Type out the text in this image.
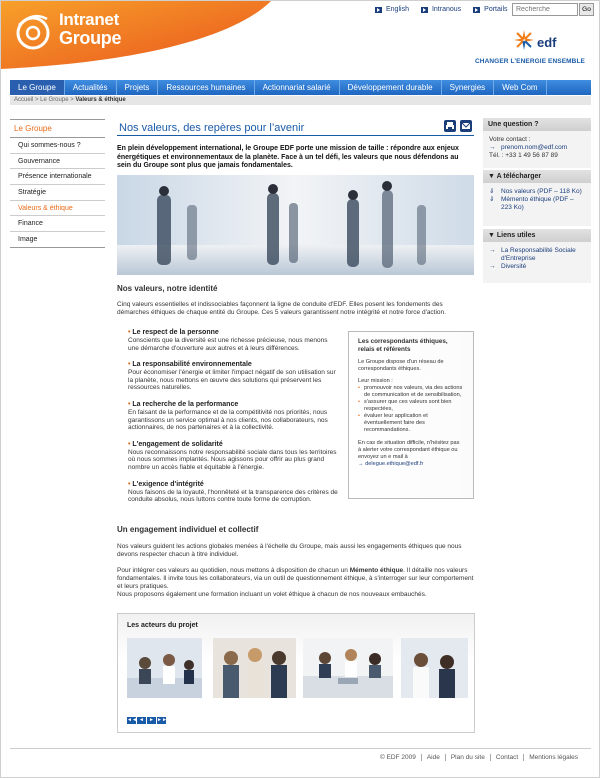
Intranet
Groupe
English	Intranous	Portails
Recherche	Go
edf
CHANGER L'ENERGIE ENSEMBLE
Le Groupe	Actualités	Projets	Ressources humaines	Actionnariat salarié	Développement durable	Synergies	Web Com
Accueil > Le Groupe > Valeurs & éthique
Le Groupe
Qui sommes-nous ?
Gouvernance
Présence internationale
Stratégie
Valeurs & éthique
Finance
Image
Nos valeurs, des repères pour l’avenir
En plein développement international, le Groupe EDF porte une mission de taille : répondre aux enjeux énergétiques et environnementaux de la planète. Face à un tel défi, les valeurs que nous défendons au sein du Groupe sont plus que jamais fondamentales.
Nos valeurs, notre identité
Cinq valeurs essentielles et indissociables façonnent la ligne de conduite d'EDF. Elles posent les fondements des démarches éthiques de chaque entité du Groupe. Ces 5 valeurs garantissent notre intégrité et notre force d'action.
• Le respect de la personne
Conscients que la diversité est une richesse précieuse, nous menons une démarche d'ouverture aux autres et à leurs différences.
• La responsabilité environnementale
Pour économiser l'énergie et limiter l'impact négatif de son utilisation sur la planète, nous mettons en œuvre des solutions qui préservent les ressources naturelles.
• La recherche de la performance
En faisant de la performance et de la compétitivité nos priorités, nous garantissons un service optimal à nos clients, nos collaborateurs, nos actionnaires, de nos partenaires et à la collectivité.
• L'engagement de solidarité
Nous reconnaissons notre responsabilité sociale dans tous les territoires où nous sommes implantés. Nous agissons pour offrir au plus grand nombre un accès fiable et équitable à l'énergie.
• L'exigence d'intégrité
Nous faisons de la loyauté, l'honnêteté et la transparence des critères de conduite absolus, nous luttons contre toute forme de corruption.
Les correspondants éthiques, relais et référents

Le Groupe dispose d'un réseau de correspondants éthiques.

Leur mission :
• promouvoir nos valeurs, via des actions de communication et de sensibilisation,
• s'assurer que ces valeurs sont bien respectées,
• évaluer leur application et éventuellement faire des recommandations.

En cas de situation difficile, n'hésitez pas à alerter votre correspondant éthique ou envoyez un e mail à

→ delegue.ethique@edf.fr
Un engagement individuel et collectif
Nos valeurs guident les actions globales menées à l'échelle du Groupe, mais aussi les engagements éthiques que nous devons respecter chacun à titre individuel.
Pour intégrer ces valeurs au quotidien, nous mettons à disposition de chacun un Mémento éthique. Il détaille nos valeurs fondamentales. Il invite tous les collaborateurs, via un outil de questionnement éthique, à s'interroger sur leur comportement et leurs pratiques.
Nous proposons également une formation incluant un volet éthique à chacun de nos nouveaux embauchés.
Les acteurs du projet
◄◄ ◄	► ►►
Une question ?
Votre contact :
→ prenom.nom@edf.com
Tél. : +33 1 49 56 87 89
▼ A télécharger
⇓	Nos valeurs (PDF – 118 Ko)
⇓	Mémento éthique (PDF – 223 Ko)
▼ Liens utiles
→ La Responsabilité Sociale d'Entreprise
→ Diversité
© EDF 2009	Aide	Plan du site	Contact	Mentions légales
